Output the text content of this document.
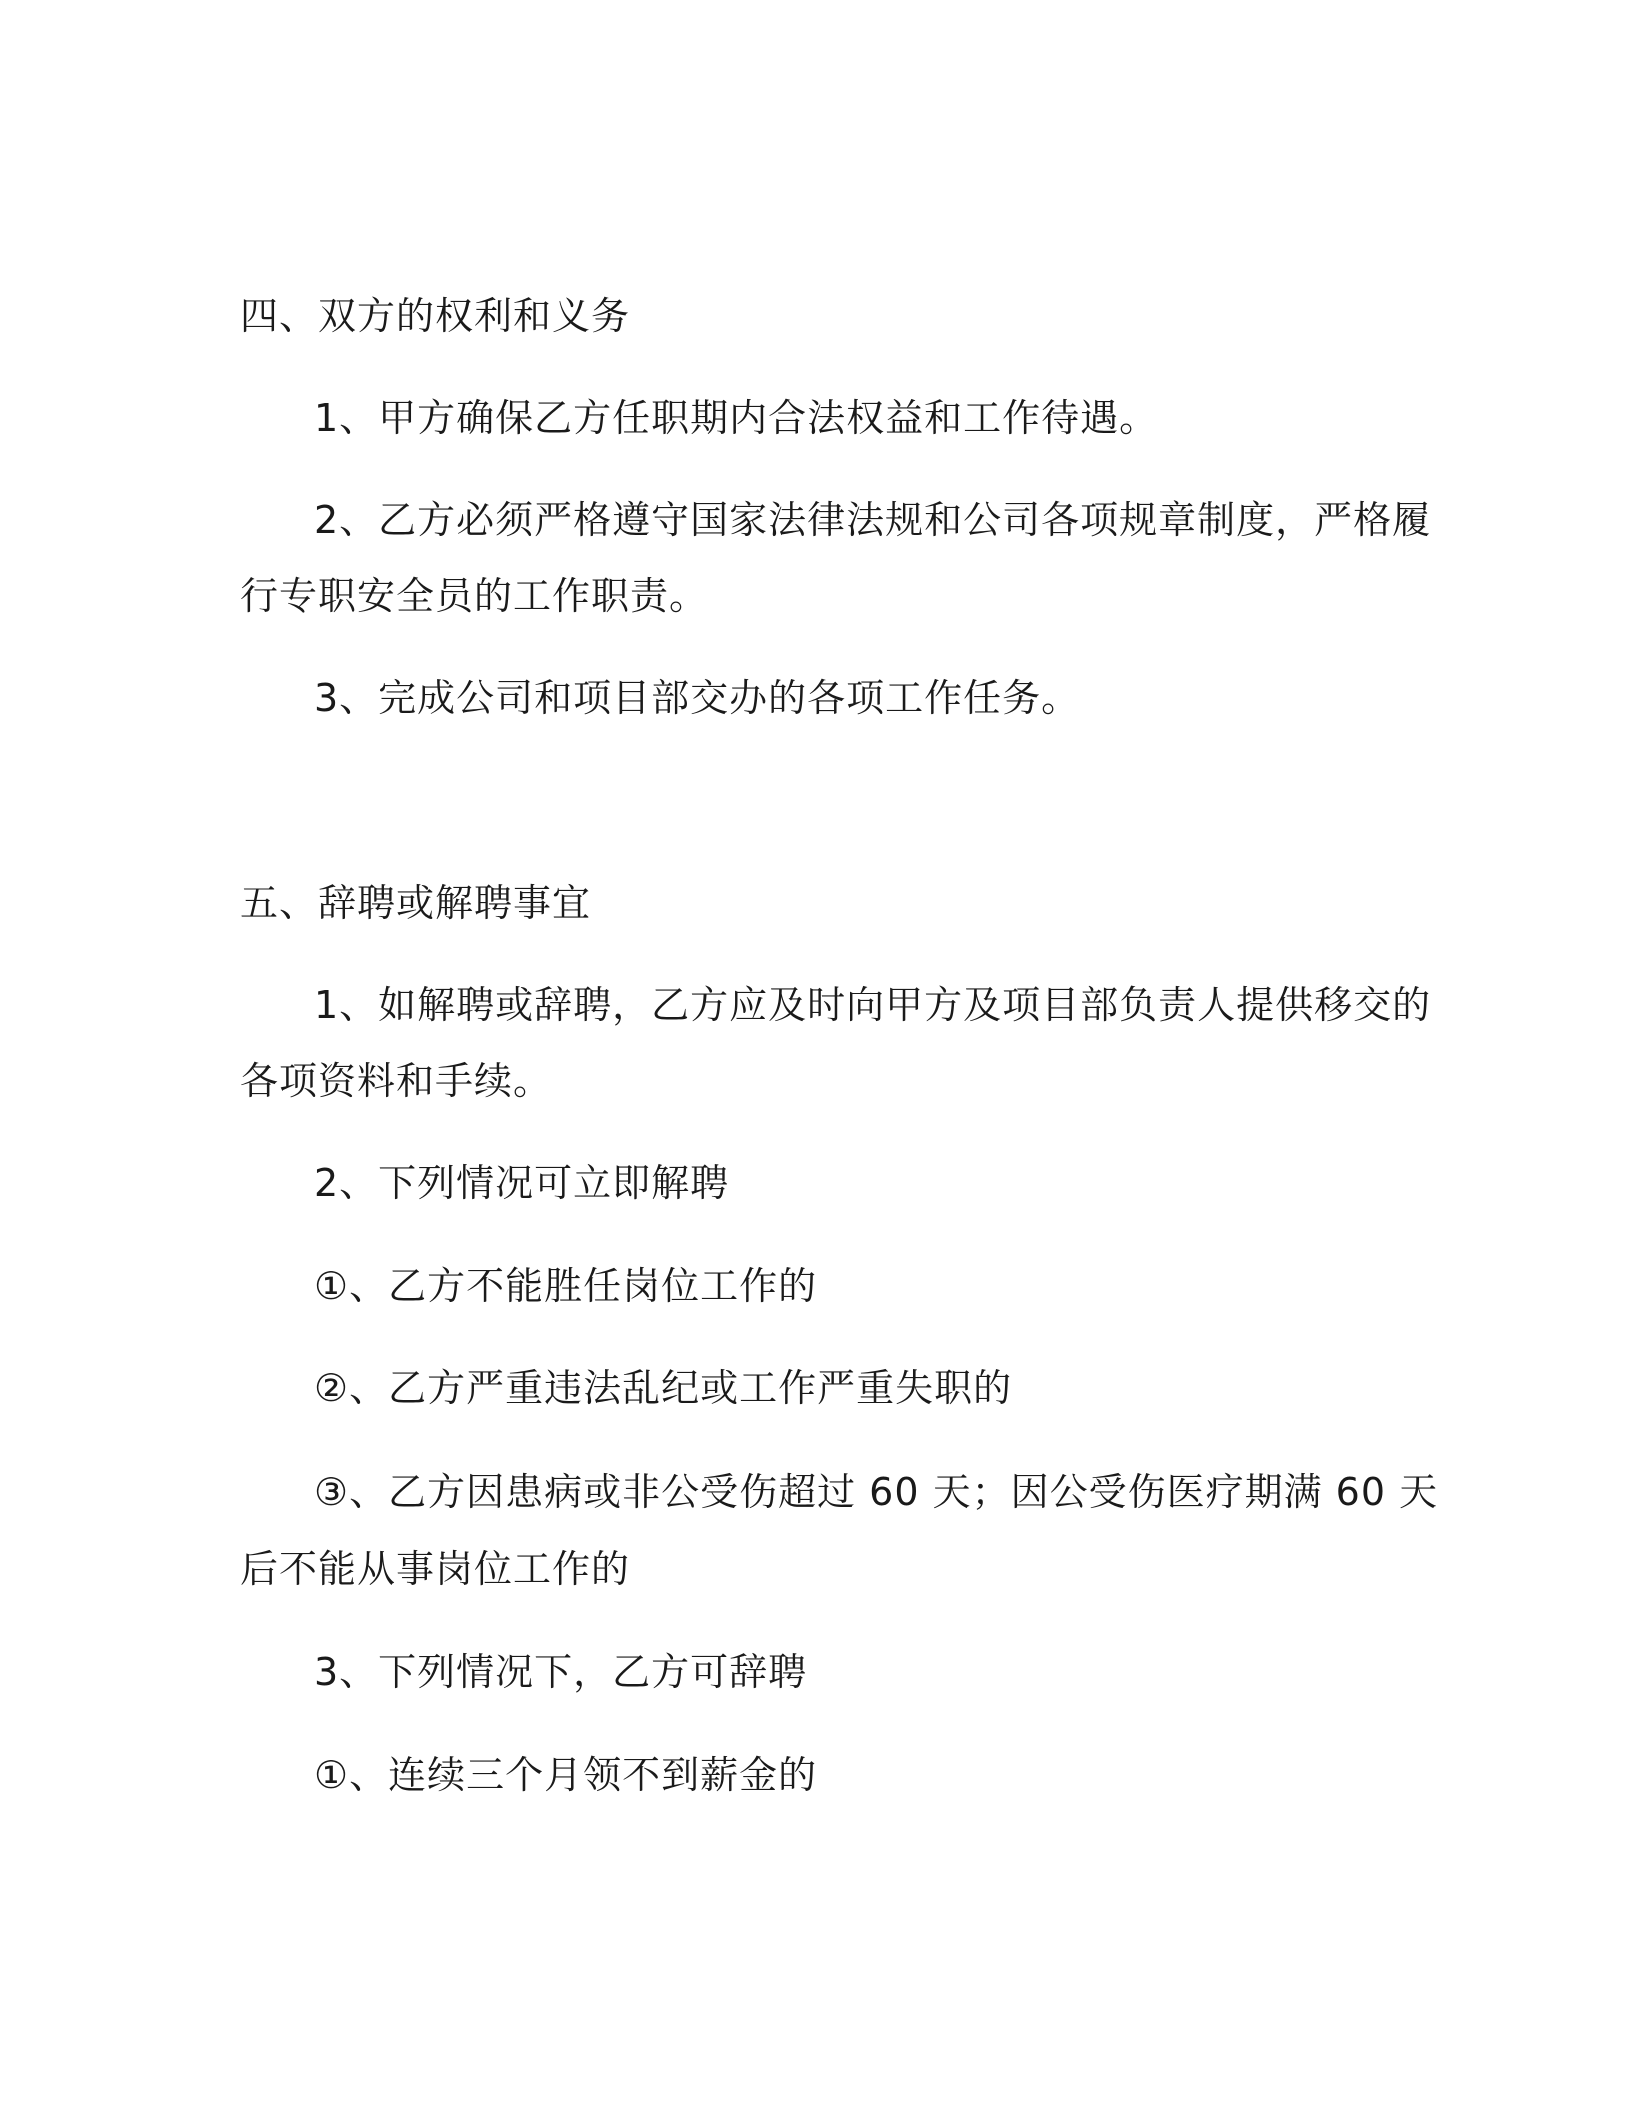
四、双方的权利和义务
1、甲方确保乙方任职期内合法权益和工作待遇。
2、乙方必须严格遵守国家法律法规和公司各项规章制度，严格履
行专职安全员的工作职责。
3、完成公司和项目部交办的各项工作任务。
五、辞聘或解聘事宜
1、如解聘或辞聘，乙方应及时向甲方及项目部负责人提供移交的
各项资料和手续。
2、下列情况可立即解聘
①、乙方不能胜任岗位工作的
②、乙方严重违法乱纪或工作严重失职的
③、乙方因患病或非公受伤超过 60 天；因公受伤医疗期满 60 天
后不能从事岗位工作的
3、下列情况下，乙方可辞聘
①、连续三个月领不到薪金的
